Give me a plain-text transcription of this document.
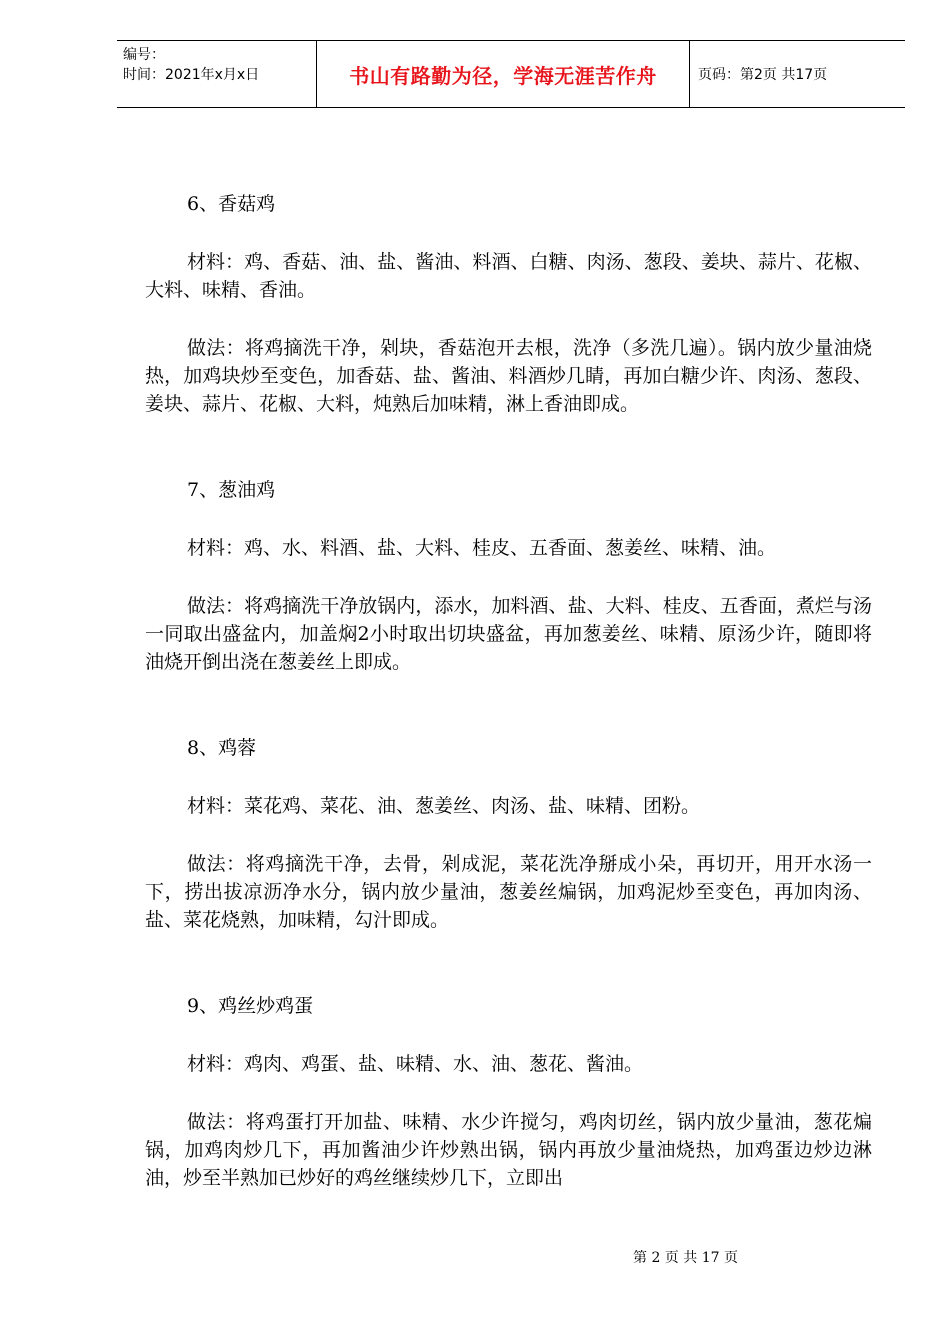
编号：
时间：2021年x月x日	书山有路勤为径，学海无涯苦作舟	页码：第2页 共17页

6、香菇鸡

材料：鸡、香菇、油、盐、酱油、料酒、白糖、肉汤、葱段、姜块、蒜片、花椒、大料、味精、香油。

做法：将鸡摘洗干净，剁块，香菇泡开去根，洗净（多洗几遍）。锅内放少量油烧热，加鸡块炒至变色，加香菇、盐、酱油、料酒炒几睛，再加白糖少许、肉汤、葱段、姜块、蒜片、花椒、大料，炖熟后加味精，淋上香油即成。

7、葱油鸡

材料：鸡、水、料酒、盐、大料、桂皮、五香面、葱姜丝、味精、油。

做法：将鸡摘洗干净放锅内，添水，加料酒、盐、大料、桂皮、五香面，煮烂与汤一同取出盛盆内，加盖焖2小时取出切块盛盆，再加葱姜丝、味精、原汤少许，随即将油烧开倒出浇在葱姜丝上即成。

8、鸡蓉

材料：菜花鸡、菜花、油、葱姜丝、肉汤、盐、味精、团粉。

做法：将鸡摘洗干净，去骨，剁成泥，菜花洗净掰成小朵，再切开，用开水汤一下，捞出拔凉沥净水分，锅内放少量油，葱姜丝煸锅，加鸡泥炒至变色，再加肉汤、盐、菜花烧熟，加味精，勾汁即成。

9、鸡丝炒鸡蛋

材料：鸡肉、鸡蛋、盐、味精、水、油、葱花、酱油。

做法：将鸡蛋打开加盐、味精、水少许搅匀，鸡肉切丝，锅内放少量油，葱花煸锅，加鸡肉炒几下，再加酱油少许炒熟出锅，锅内再放少量油烧热，加鸡蛋边炒边淋油，炒至半熟加已炒好的鸡丝继续炒几下，立即出

第 2 页 共 17 页
